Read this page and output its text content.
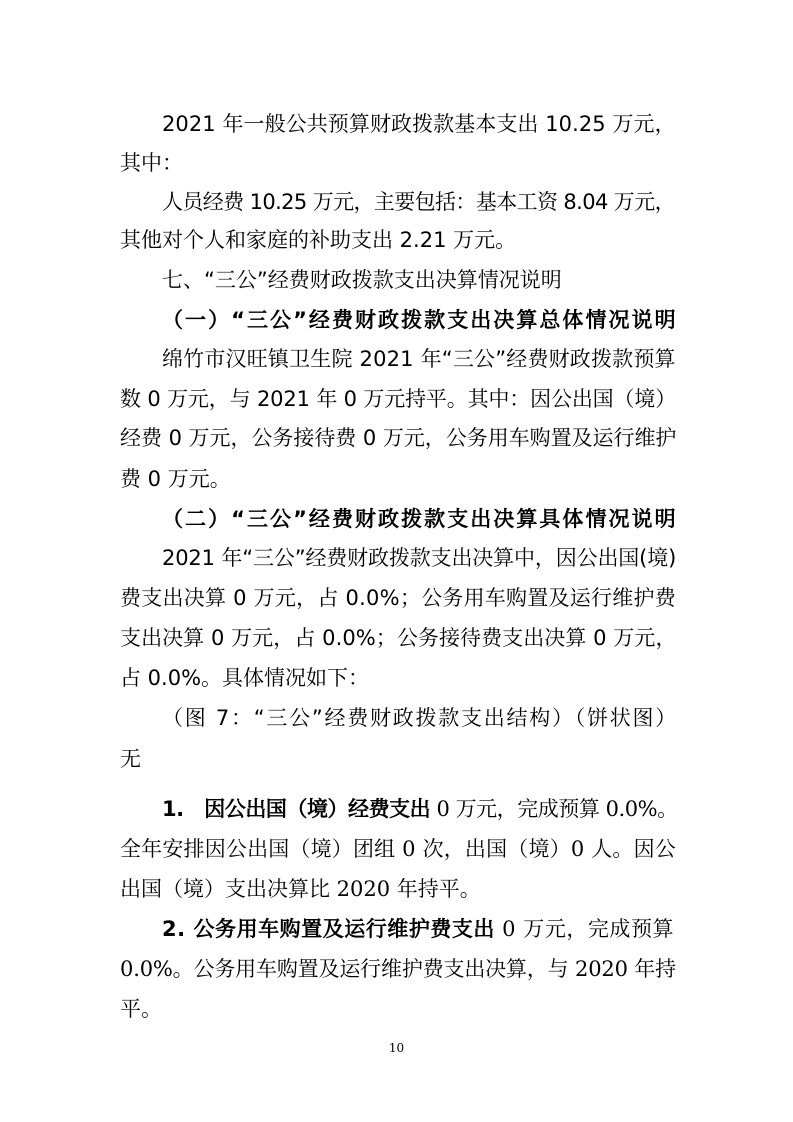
2021 年一般公共预算财政拨款基本支出 10.25 万元，
其中：
人员经费 10.25 万元，主要包括：基本工资 8.04 万元，
其他对个人和家庭的补助支出 2.21 万元。
七、“三公”经费财政拨款支出决算情况说明
（一）“三公”经费财政拨款支出决算总体情况说明
绵竹市汉旺镇卫生院 2021 年“三公”经费财政拨款预算
数 0 万元，与 2021 年 0 万元持平。其中：因公出国（境）
经费 0 万元，公务接待费 0 万元，公务用车购置及运行维护
费 0 万元。
（二）“三公”经费财政拨款支出决算具体情况说明
2021 年“三公”经费财政拨款支出决算中，因公出国(境)
费支出决算 0 万元，占 0.0%；公务用车购置及运行维护费
支出决算 0 万元，占 0.0%；公务接待费支出决算 0 万元，
占 0.0%。具体情况如下：
（图 7：“三公”经费财政拨款支出结构）（饼状图）
无
1.　因公出国（境）经费支出 0 万元，完成预算 0.0%。
全年安排因公出国（境）团组 0 次，出国（境）0 人。因公
出国（境）支出决算比 2020 年持平。
2. 公务用车购置及运行维护费支出 0 万元，完成预算
0.0%。公务用车购置及运行维护费支出决算，与 2020 年持
平。
10
